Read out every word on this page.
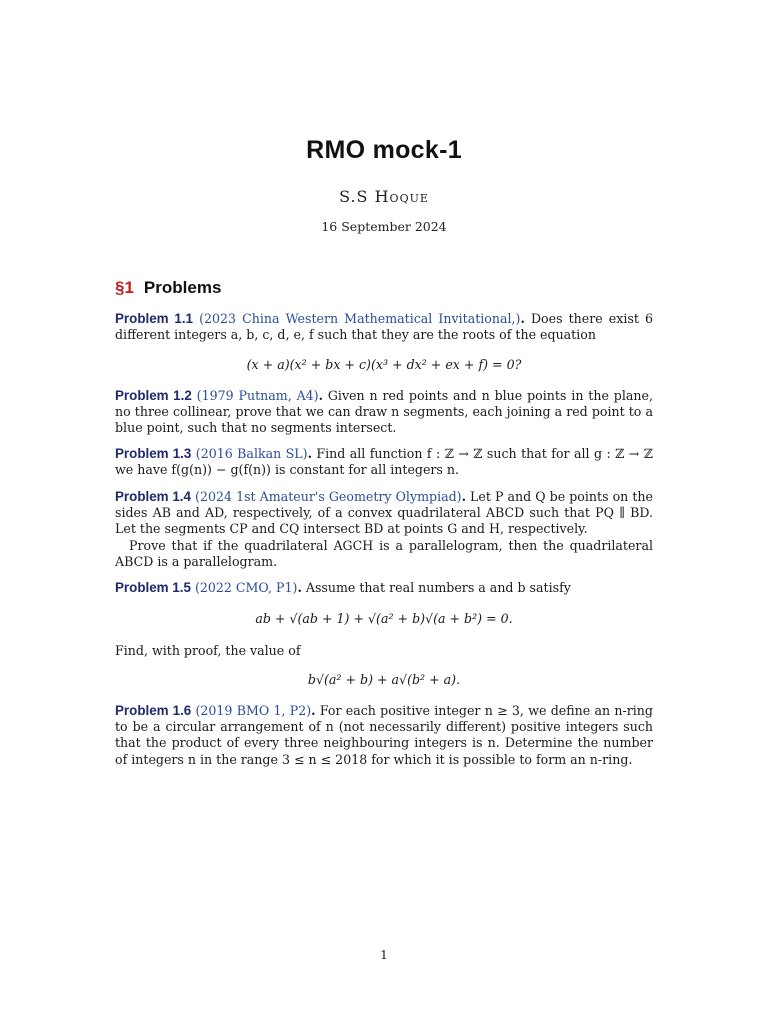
RMO mock-1
S.S Hoque
16 September 2024
§1 Problems
Problem 1.1 (2023 China Western Mathematical Invitational,). Does there exist 6 different integers a, b, c, d, e, f such that they are the roots of the equation
(x + a)(x² + bx + c)(x³ + dx² + ex + f) = 0?
Problem 1.2 (1979 Putnam, A4). Given n red points and n blue points in the plane, no three collinear, prove that we can draw n segments, each joining a red point to a blue point, such that no segments intersect.
Problem 1.3 (2016 Balkan SL). Find all function f : ℤ → ℤ such that for all g : ℤ → ℤ we have f(g(n)) − g(f(n)) is constant for all integers n.
Problem 1.4 (2024 1st Amateur's Geometry Olympiad). Let P and Q be points on the sides AB and AD, respectively, of a convex quadrilateral ABCD such that PQ ∥ BD. Let the segments CP and CQ intersect BD at points G and H, respectively.
Prove that if the quadrilateral AGCH is a parallelogram, then the quadrilateral ABCD is a parallelogram.
Problem 1.5 (2022 CMO, P1). Assume that real numbers a and b satisfy
ab + √(ab + 1) + √(a² + b)√(a + b²) = 0.
Find, with proof, the value of
b√(a² + b) + a√(b² + a).
Problem 1.6 (2019 BMO 1, P2). For each positive integer n ≥ 3, we define an n-ring to be a circular arrangement of n (not necessarily different) positive integers such that the product of every three neighbouring integers is n. Determine the number of integers n in the range 3 ≤ n ≤ 2018 for which it is possible to form an n-ring.
1
